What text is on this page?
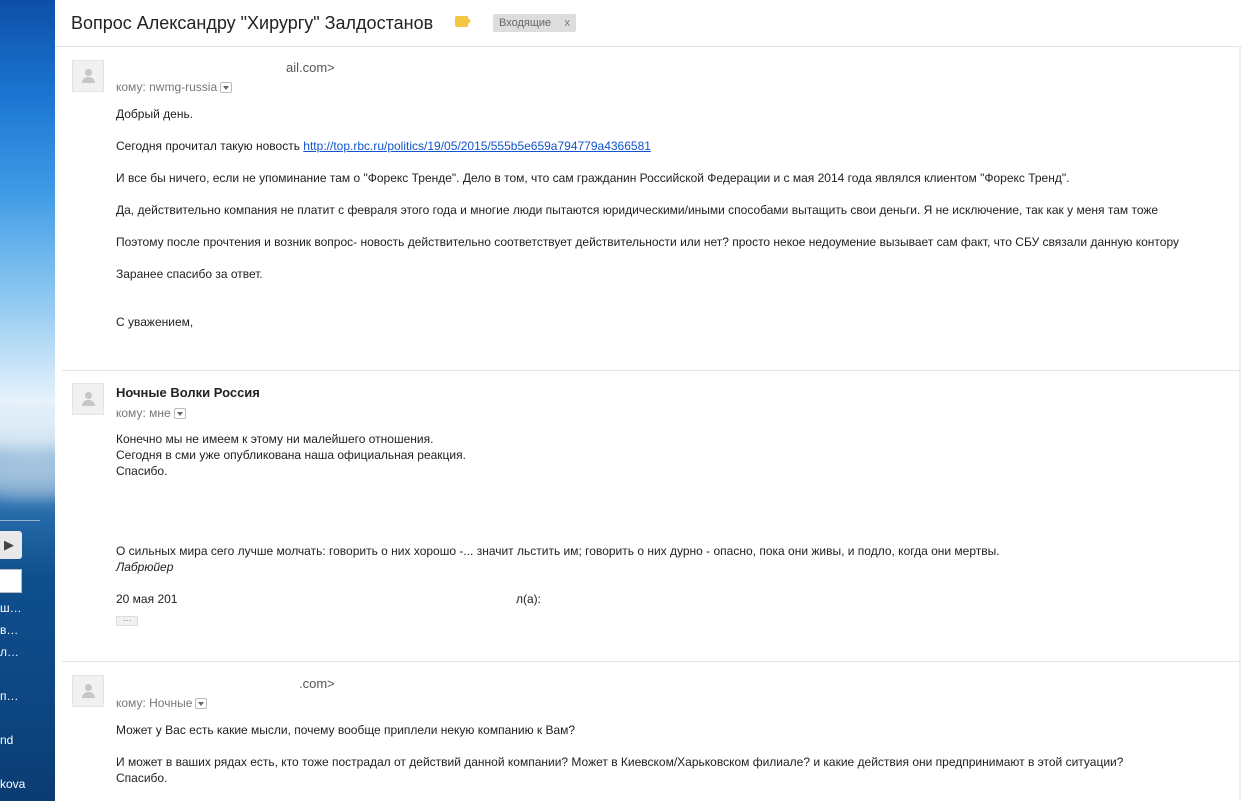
▶
ш…
в…
л…
п…
nd
kova
Вопрос Александру "Хирургу" Залдостанов	Входящие x
ail.com>
кому: nwmg-russia
Добрый день.
Сегодня прочитал такую новость http://top.rbc.ru/politics/19/05/2015/555b5e659a794779a4366581
И все бы ничего, если не упоминание там о "Форекс Тренде". Дело в том, что сам гражданин Российской Федерации и с мая 2014 года являлся клиентом "Форекс Тренд".
Да, действительно компания не платит с февраля этого года и многие люди пытаются юридическими/иными способами вытащить свои деньги. Я не исключение, так как у меня там тоже
Поэтому после прочтения и возник вопрос- новость действительно соответствует действительности или нет? просто некое недоумение вызывает сам факт, что СБУ связали данную контору
Заранее спасибо за ответ.
С уважением,
Ночные Волки Россия
кому: мне
Конечно мы не имеем к этому ни малейшего отношения.
Сегодня в сми уже опубликована наша официальная реакция.
Спасибо.
О сильных мира сего лучше молчать: говорить о них хорошо -... значит льстить им; говорить о них дурно - опасно, пока они живы, и подло, когда они мертвы.
Лабрюйер
20 мая 201	л(а):
···
.com>
кому: Ночные
Может у Вас есть какие мысли, почему вообще приплели некую компанию к Вам?
И может в ваших рядах есть, кто тоже пострадал от действий данной компании? Может в Киевском/Харьковском филиале? и какие действия они предпринимают в этой ситуации?
Спасибо.
